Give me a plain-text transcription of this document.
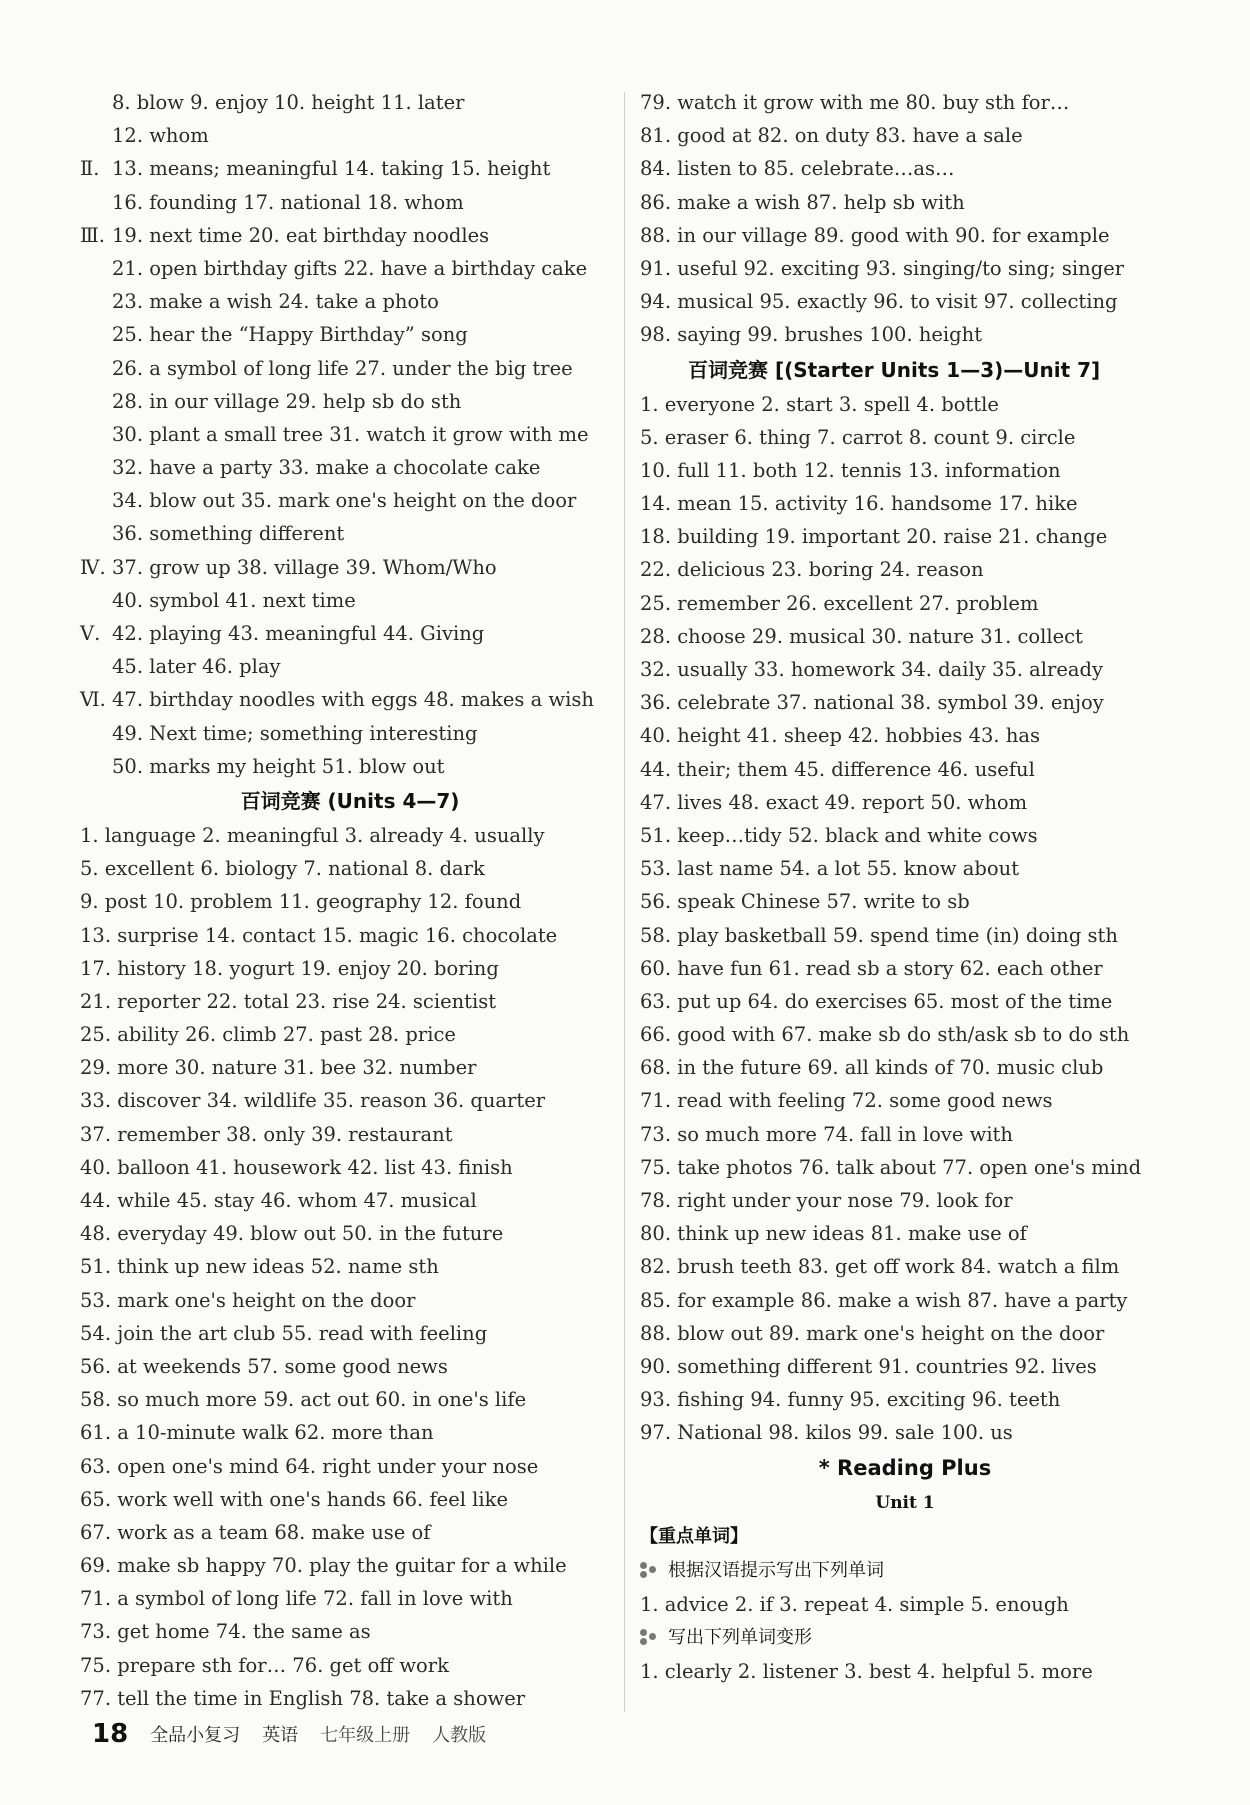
8. blow 9. enjoy 10. height 11. later
12. whom
Ⅱ. 13. means; meaningful 14. taking 15. height
16. founding 17. national 18. whom
Ⅲ. 19. next time 20. eat birthday noodles
21. open birthday gifts 22. have a birthday cake
23. make a wish 24. take a photo
25. hear the “Happy Birthday” song
26. a symbol of long life 27. under the big tree
28. in our village 29. help sb do sth
30. plant a small tree 31. watch it grow with me
32. have a party 33. make a chocolate cake
34. blow out 35. mark one's height on the door
36. something different
Ⅳ. 37. grow up 38. village 39. Whom/Who
40. symbol 41. next time
Ⅴ. 42. playing 43. meaningful 44. Giving
45. later 46. play
Ⅵ. 47. birthday noodles with eggs 48. makes a wish
49. Next time; something interesting
50. marks my height 51. blow out
百词竞赛 (Units 4—7)
1. language 2. meaningful 3. already 4. usually
5. excellent 6. biology 7. national 8. dark
9. post 10. problem 11. geography 12. found
13. surprise 14. contact 15. magic 16. chocolate
17. history 18. yogurt 19. enjoy 20. boring
21. reporter 22. total 23. rise 24. scientist
25. ability 26. climb 27. past 28. price
29. more 30. nature 31. bee 32. number
33. discover 34. wildlife 35. reason 36. quarter
37. remember 38. only 39. restaurant
40. balloon 41. housework 42. list 43. finish
44. while 45. stay 46. whom 47. musical
48. everyday 49. blow out 50. in the future
51. think up new ideas 52. name sth
53. mark one's height on the door
54. join the art club 55. read with feeling
56. at weekends 57. some good news
58. so much more 59. act out 60. in one's life
61. a 10-minute walk 62. more than
63. open one's mind 64. right under your nose
65. work well with one's hands 66. feel like
67. work as a team 68. make use of
69. make sb happy 70. play the guitar for a while
71. a symbol of long life 72. fall in love with
73. get home 74. the same as
75. prepare sth for… 76. get off work
77. tell the time in English 78. take a shower
79. watch it grow with me 80. buy sth for…
81. good at 82. on duty 83. have a sale
84. listen to 85. celebrate…as…
86. make a wish 87. help sb with
88. in our village 89. good with 90. for example
91. useful 92. exciting 93. singing/to sing; singer
94. musical 95. exactly 96. to visit 97. collecting
98. saying 99. brushes 100. height
百词竞赛 [(Starter Units 1—3)—Unit 7]
1. everyone 2. start 3. spell 4. bottle
5. eraser 6. thing 7. carrot 8. count 9. circle
10. full 11. both 12. tennis 13. information
14. mean 15. activity 16. handsome 17. hike
18. building 19. important 20. raise 21. change
22. delicious 23. boring 24. reason
25. remember 26. excellent 27. problem
28. choose 29. musical 30. nature 31. collect
32. usually 33. homework 34. daily 35. already
36. celebrate 37. national 38. symbol 39. enjoy
40. height 41. sheep 42. hobbies 43. has
44. their; them 45. difference 46. useful
47. lives 48. exact 49. report 50. whom
51. keep…tidy 52. black and white cows
53. last name 54. a lot 55. know about
56. speak Chinese 57. write to sb
58. play basketball 59. spend time (in) doing sth
60. have fun 61. read sb a story 62. each other
63. put up 64. do exercises 65. most of the time
66. good with 67. make sb do sth/ask sb to do sth
68. in the future 69. all kinds of 70. music club
71. read with feeling 72. some good news
73. so much more 74. fall in love with
75. take photos 76. talk about 77. open one's mind
78. right under your nose 79. look for
80. think up new ideas 81. make use of
82. brush teeth 83. get off work 84. watch a film
85. for example 86. make a wish 87. have a party
88. blow out 89. mark one's height on the door
90. something different 91. countries 92. lives
93. fishing 94. funny 95. exciting 96. teeth
97. National 98. kilos 99. sale 100. us
* Reading Plus
Unit 1
【重点单词】
根据汉语提示写出下列单词
1. advice 2. if 3. repeat 4. simple 5. enough
写出下列单词变形
1. clearly 2. listener 3. best 4. helpful 5. more
18 全品小复习 英语 七年级上册 人教版
